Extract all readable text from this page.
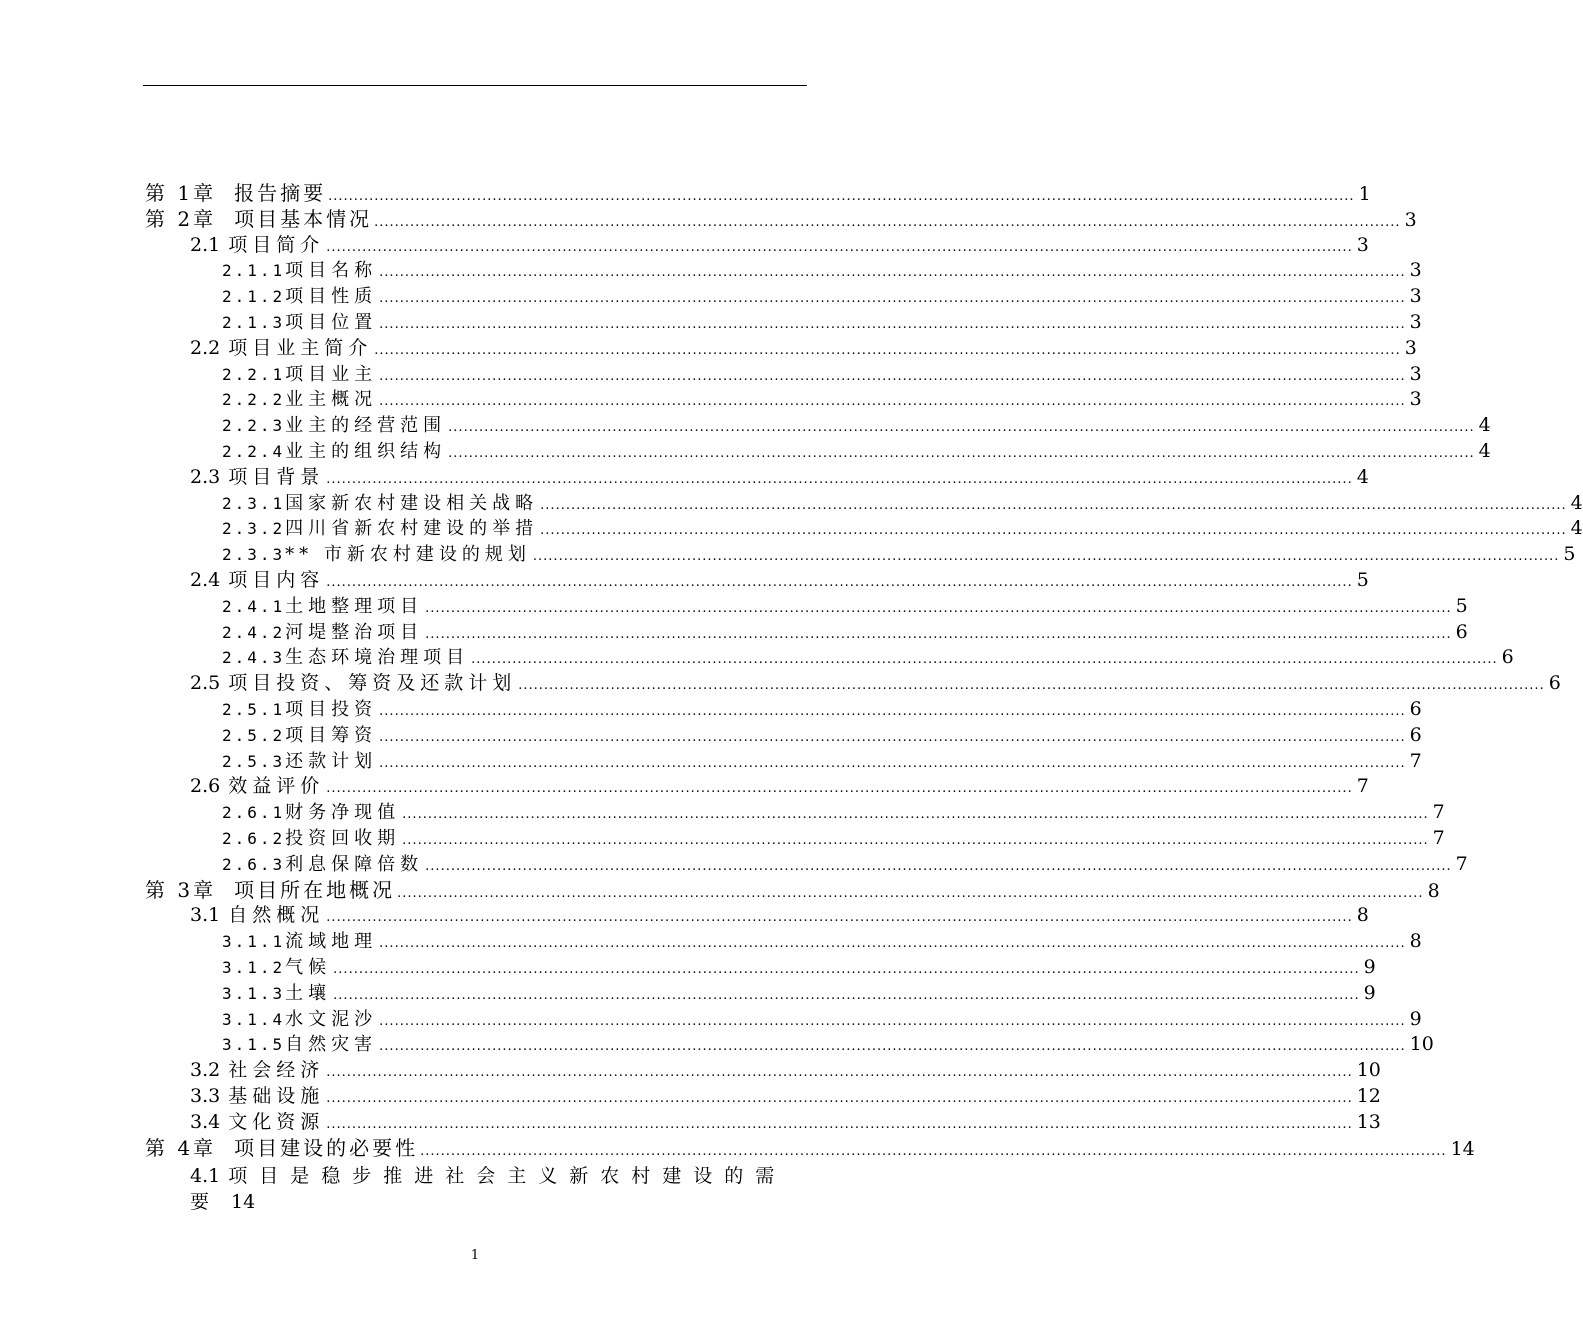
第 1章 报告摘要 ........................................................................................................................................................................................................ 1
第 2章 项目基本情况 ........................................................................................................................................................................................................ 3
2.1 项目简介 ........................................................................................................................................................................................................ 3
2.1.1项目名称 ........................................................................................................................................................................................................ 3
2.1.2项目性质 ........................................................................................................................................................................................................ 3
2.1.3项目位置 ........................................................................................................................................................................................................ 3
2.2 项目业主简介 ........................................................................................................................................................................................................ 3
2.2.1项目业主 ........................................................................................................................................................................................................ 3
2.2.2业主概况 ........................................................................................................................................................................................................ 3
2.2.3业主的经营范围 ........................................................................................................................................................................................................ 4
2.2.4业主的组织结构 ........................................................................................................................................................................................................ 4
2.3 项目背景 ........................................................................................................................................................................................................ 4
2.3.1国家新农村建设相关战略 ........................................................................................................................................................................................................ 4
2.3.2四川省新农村建设的举措 ........................................................................................................................................................................................................ 4
2.3.3** 市新农村建设的规划 ........................................................................................................................................................................................................ 5
2.4 项目内容 ........................................................................................................................................................................................................ 5
2.4.1土地整理项目 ........................................................................................................................................................................................................ 5
2.4.2河堤整治项目 ........................................................................................................................................................................................................ 6
2.4.3生态环境治理项目 ........................................................................................................................................................................................................ 6
2.5 项目投资、筹资及还款计划 ........................................................................................................................................................................................................ 6
2.5.1项目投资 ........................................................................................................................................................................................................ 6
2.5.2项目筹资 ........................................................................................................................................................................................................ 6
2.5.3还款计划 ........................................................................................................................................................................................................ 7
2.6 效益评价 ........................................................................................................................................................................................................ 7
2.6.1财务净现值 ........................................................................................................................................................................................................ 7
2.6.2投资回收期 ........................................................................................................................................................................................................ 7
2.6.3利息保障倍数 ........................................................................................................................................................................................................ 7
第 3章 项目所在地概况 ........................................................................................................................................................................................................ 8
3.1 自然概况 ........................................................................................................................................................................................................ 8
3.1.1流域地理 ........................................................................................................................................................................................................ 8
3.1.2气候 ........................................................................................................................................................................................................ 9
3.1.3土壤 ........................................................................................................................................................................................................ 9
3.1.4水文泥沙 ........................................................................................................................................................................................................ 9
3.1.5自然灾害 ........................................................................................................................................................................................................ 10
3.2 社会经济 ........................................................................................................................................................................................................ 10
3.3 基础设施 ........................................................................................................................................................................................................ 12
3.4 文化资源 ........................................................................................................................................................................................................ 13
第 4章 项目建设的必要性 ........................................................................................................................................................................................................ 14
4.1 项目是稳步推进社会主义新农村建设的需要 14
1
